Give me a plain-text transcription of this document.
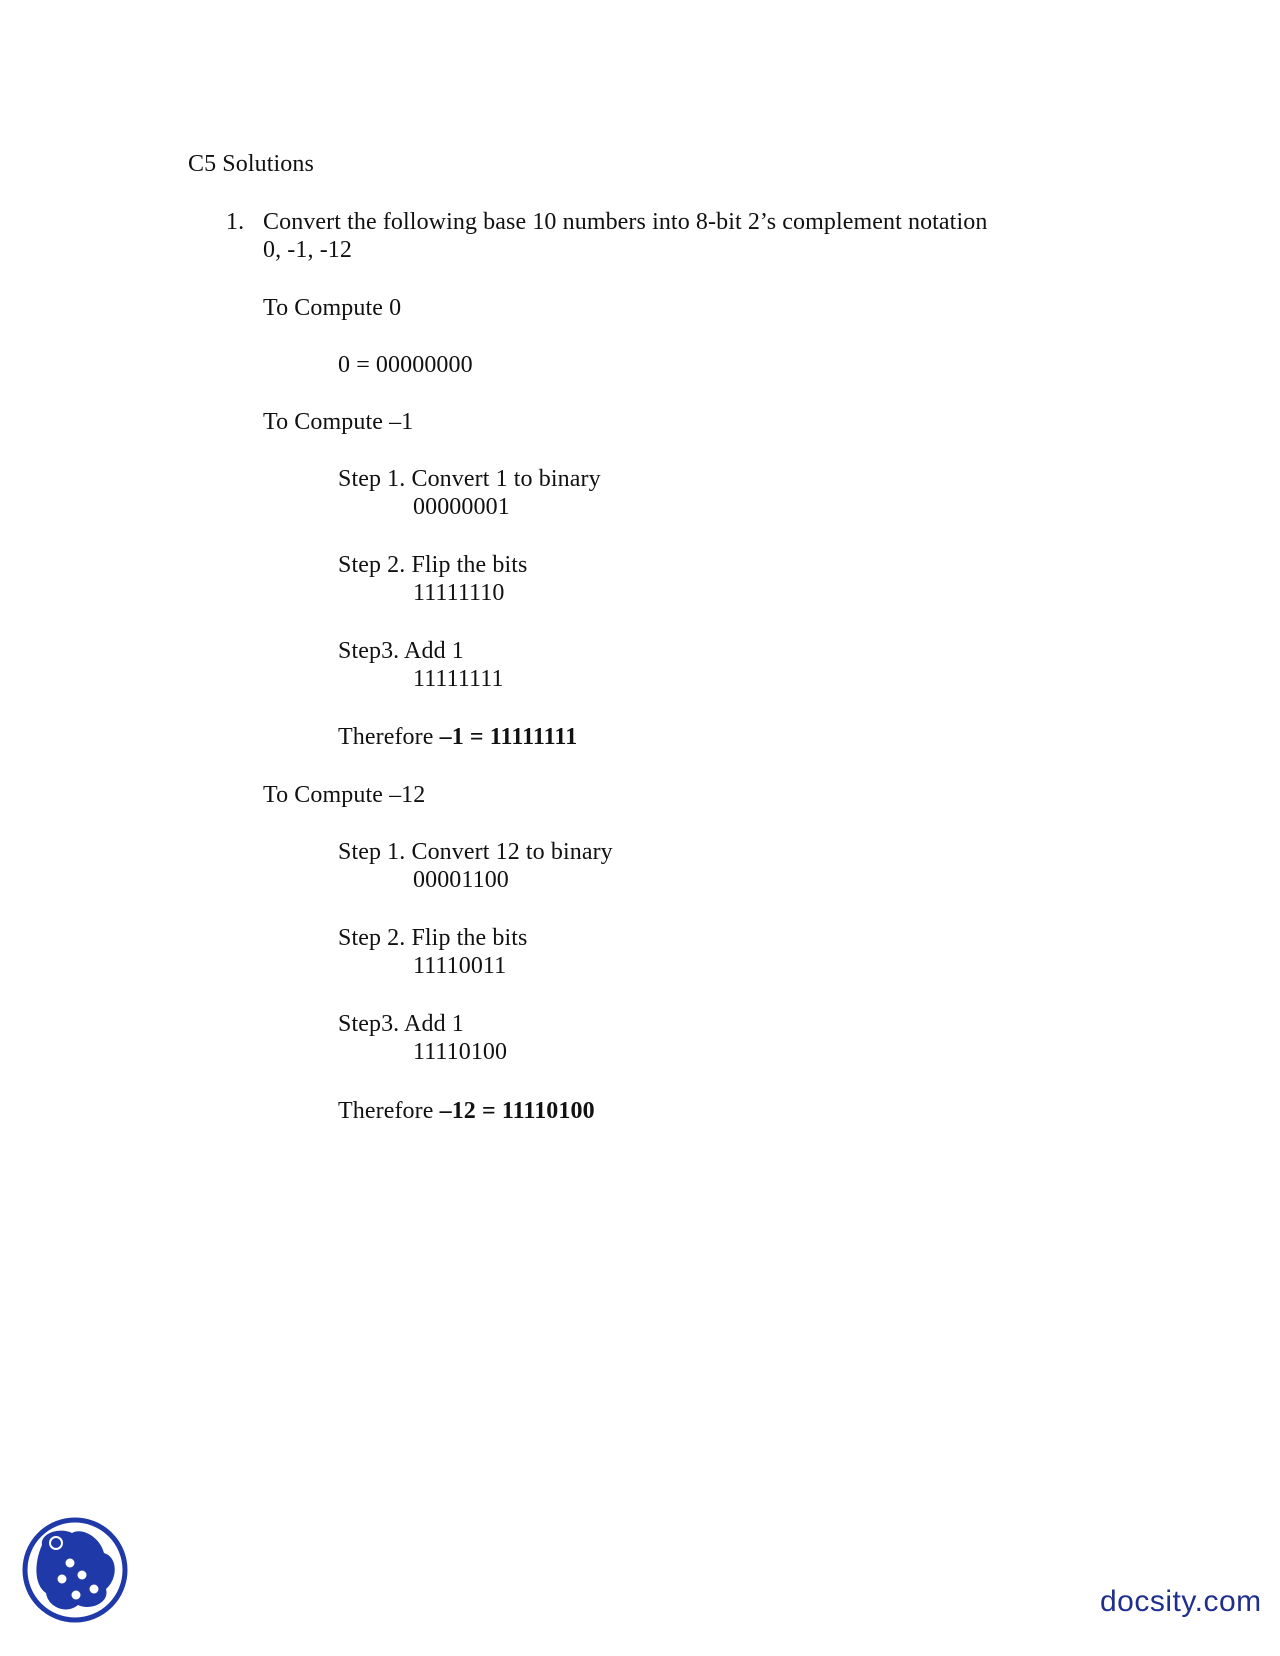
C5 Solutions
1. Convert the following base 10 numbers into 8-bit 2’s complement notation
0, -1, -12
To Compute 0
0 = 00000000
To Compute –1
Step 1. Convert 1 to binary
00000001
Step 2. Flip the bits
11111110
Step3. Add 1
11111111
Therefore –1 = 11111111
To Compute –12
Step 1. Convert 12 to binary
00001100
Step 2. Flip the bits
11110011
Step3. Add 1
11110100
Therefore –12 = 11110100
docsity.com
